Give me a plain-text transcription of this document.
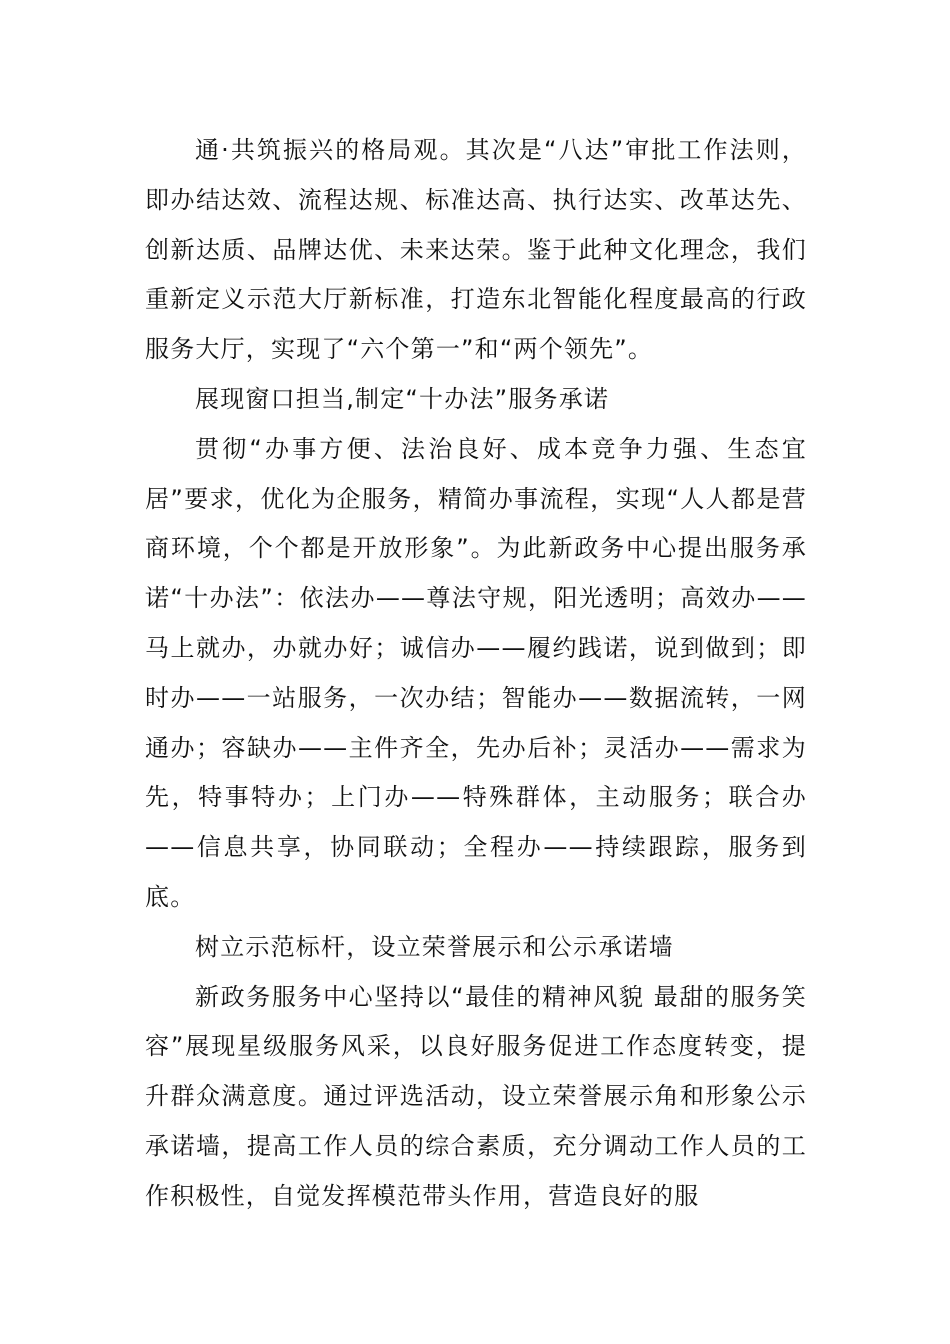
通·共筑振兴的格局观。其次是“八达”审批工作法则，即办结达效、流程达规、标准达高、执行达实、改革达先、创新达质、品牌达优、未来达荣。鉴于此种文化理念，我们重新定义示范大厅新标准，打造东北智能化程度最高的行政服务大厅，实现了“六个第一”和“两个领先”。

展现窗口担当,制定“十办法”服务承诺

贯彻“办事方便、法治良好、成本竞争力强、生态宜居”要求，优化为企服务，精简办事流程，实现“人人都是营商环境，个个都是开放形象”。为此新政务中心提出服务承诺“十办法”：依法办——尊法守规，阳光透明；高效办——马上就办，办就办好；诚信办——履约践诺，说到做到；即时办——一站服务，一次办结；智能办——数据流转，一网通办；容缺办——主件齐全，先办后补；灵活办——需求为先，特事特办；上门办——特殊群体，主动服务；联合办——信息共享，协同联动；全程办——持续跟踪，服务到底。

树立示范标杆，设立荣誉展示和公示承诺墙

新政务服务中心坚持以“最佳的精神风貌 最甜的服务笑容”展现星级服务风采，以良好服务促进工作态度转变，提升群众满意度。通过评选活动，设立荣誉展示角和形象公示承诺墙，提高工作人员的综合素质，充分调动工作人员的工作积极性，自觉发挥模范带头作用，营造良好的服
